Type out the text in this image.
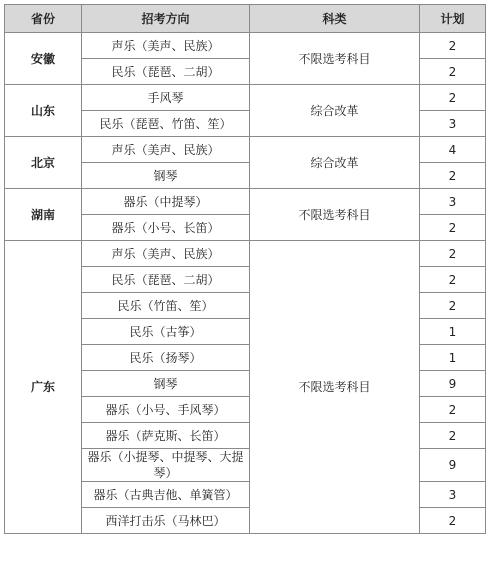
省份	招考方向	科类	计划
安徽	声乐（美声、民族）	不限选考科目	2
	民乐（琵琶、二胡）		2
山东	手风琴	综合改革	2
	民乐（琵琶、竹笛、笙）		3
北京	声乐（美声、民族）	综合改革	4
	钢琴		2
湖南	器乐（中提琴）	不限选考科目	3
	器乐（小号、长笛）		2
广东	声乐（美声、民族）	不限选考科目	2
	民乐（琵琶、二胡）		2
	民乐（竹笛、笙）		2
	民乐（古筝）		1
	民乐（扬琴）		1
	钢琴		9
	器乐（小号、手风琴）		2
	器乐（萨克斯、长笛）		2
	器乐（小提琴、中提琴、大提琴）		9
	器乐（古典吉他、单簧管）		3
	西洋打击乐（马林巴）		2
